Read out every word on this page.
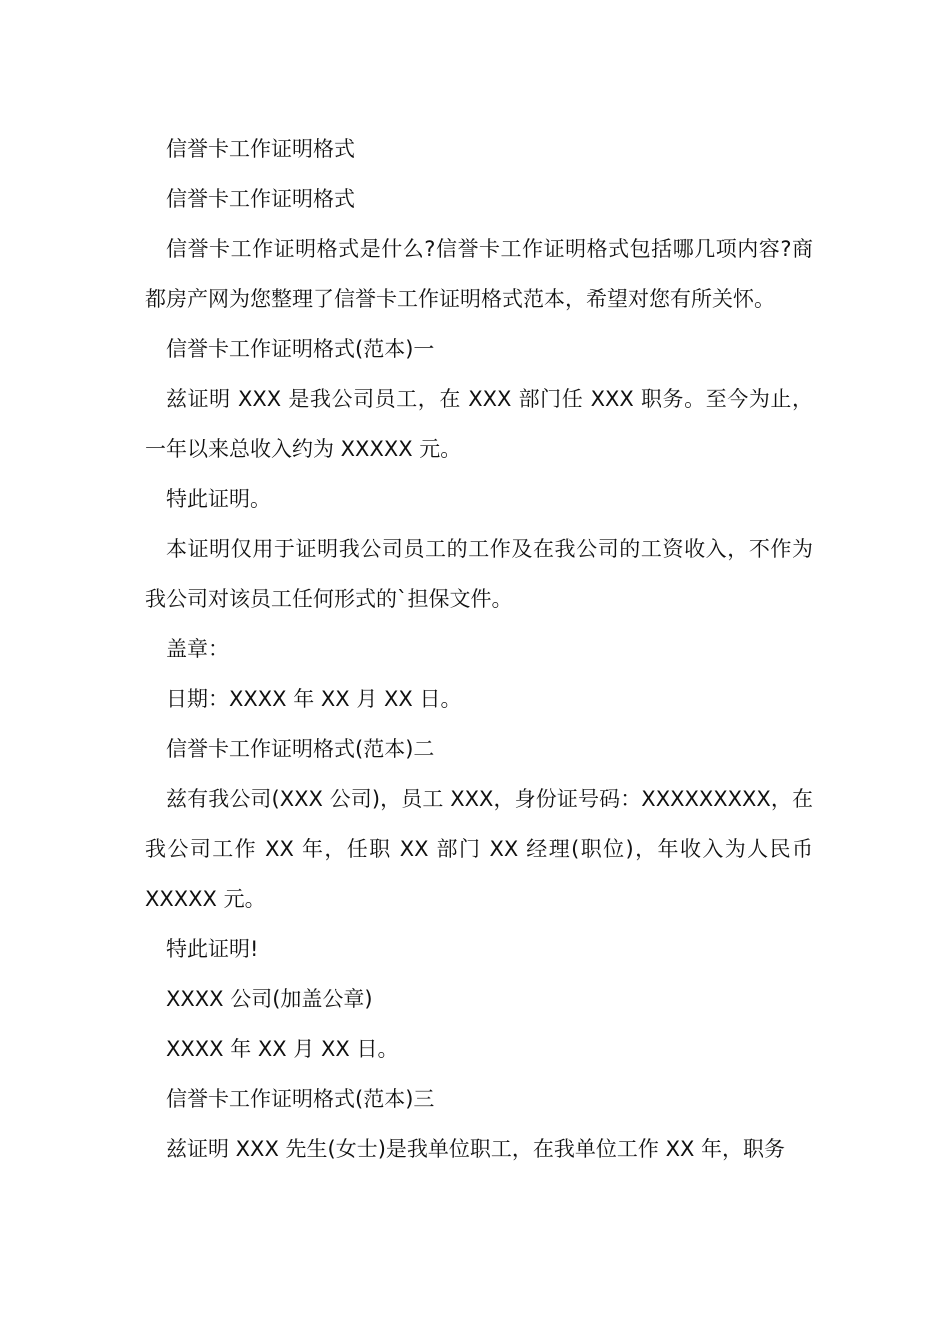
信誉卡工作证明格式

信誉卡工作证明格式

信誉卡工作证明格式是什么?信誉卡工作证明格式包括哪几项内容?商都房产网为您整理了信誉卡工作证明格式范本，希望对您有所关怀。

信誉卡工作证明格式(范本)一

兹证明 XXX 是我公司员工，在 XXX 部门任 XXX 职务。至今为止，一年以来总收入约为 XXXXX 元。

特此证明。

本证明仅用于证明我公司员工的工作及在我公司的工资收入，不作为我公司对该员工任何形式的`担保文件。

盖章：

日期：XXXX 年 XX 月 XX 日。

信誉卡工作证明格式(范本)二

兹有我公司(XXX 公司)，员工 XXX，身份证号码：XXXXXXXXX，在我公司工作 XX 年，任职 XX 部门 XX 经理(职位)，年收入为人民币 XXXXX 元。

特此证明!

XXXX 公司(加盖公章)

XXXX 年 XX 月 XX 日。

信誉卡工作证明格式(范本)三

兹证明 XXX 先生(女士)是我单位职工，在我单位工作 XX 年，职务
